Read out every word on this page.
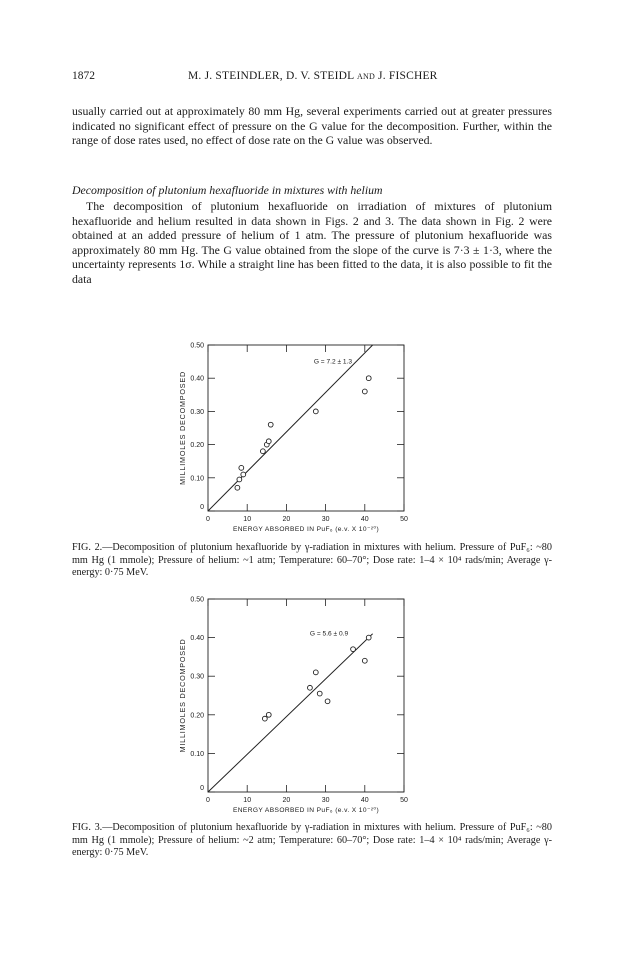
1872	M. J. STEINDLER, D. V. STEIDL and J. FISCHER

usually carried out at approximately 80 mm Hg, several experiments carried out at greater pressures indicated no significant effect of pressure on the G value for the decomposition. Further, within the range of dose rates used, no effect of dose rate on the G value was observed.

Decomposition of plutonium hexafluoride in mixtures with helium

The decomposition of plutonium hexafluoride on irradiation of mixtures of plutonium hexafluoride and helium resulted in data shown in Figs. 2 and 3. The data shown in Fig. 2 were obtained at an added pressure of helium of 1 atm. The pressure of plutonium hexafluoride was approximately 80 mm Hg. The G value obtained from the slope of the curve is 7·3 ± 1·3, where the uncertainty represents 1σ. While a straight line has been fitted to the data, it is also possible to fit the data

0	10	20	30	40	50
0
0.10
0.20
0.30
0.40
0.50
G = 7.2 ± 1.3
ENERGY ABSORBED IN PuF₆ (e.v. X 10⁻²⁰)
MILLIMOLES DECOMPOSED

FIG. 2.—Decomposition of plutonium hexafluoride by γ-radiation in mixtures with helium. Pressure of PuF₆: ~80 mm Hg (1 mmole); Pressure of helium: ~1 atm; Temperature: 60–70°; Dose rate: 1–4 × 10⁴ rads/min; Average γ-energy: 0·75 MeV.

0	10	20	30	40	50
0
0.10
0.20
0.30
0.40
0.50
G = 5.6 ± 0.9
ENERGY ABSORBED IN PuF₆ (e.v. X 10⁻²⁰)
MILLIMOLES DECOMPOSED

FIG. 3.—Decomposition of plutonium hexafluoride by γ-radiation in mixtures with helium. Pressure of PuF₆: ~80 mm Hg (1 mmole); Pressure of helium: ~2 atm; Temperature: 60–70°; Dose rate: 1–4 × 10⁴ rads/min; Average γ-energy: 0·75 MeV.
